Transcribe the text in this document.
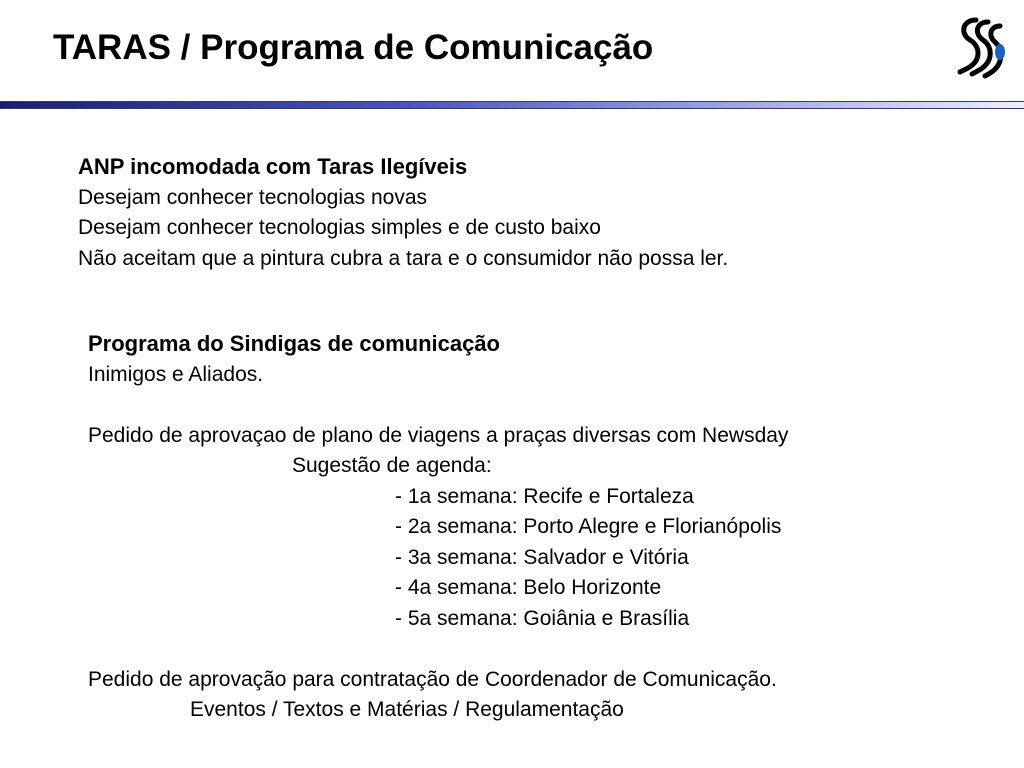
TARAS / Programa de Comunicação
ANP incomodada com Taras Ilegíveis
Desejam conhecer tecnologias novas
Desejam conhecer tecnologias simples e de custo baixo
Não aceitam que a pintura cubra a tara e o consumidor não possa ler.
Programa do Sindigas de comunicação
Inimigos e Aliados.
Pedido de aprovaçao de plano de viagens a praças diversas com Newsday
Sugestão de agenda:
- 1a semana: Recife e Fortaleza
- 2a semana: Porto Alegre e Florianópolis
- 3a semana: Salvador e Vitória
- 4a semana: Belo Horizonte
- 5a semana: Goiânia e Brasília
Pedido de aprovação para contratação de Coordenador de Comunicação.
Eventos / Textos e Matérias / Regulamentação
